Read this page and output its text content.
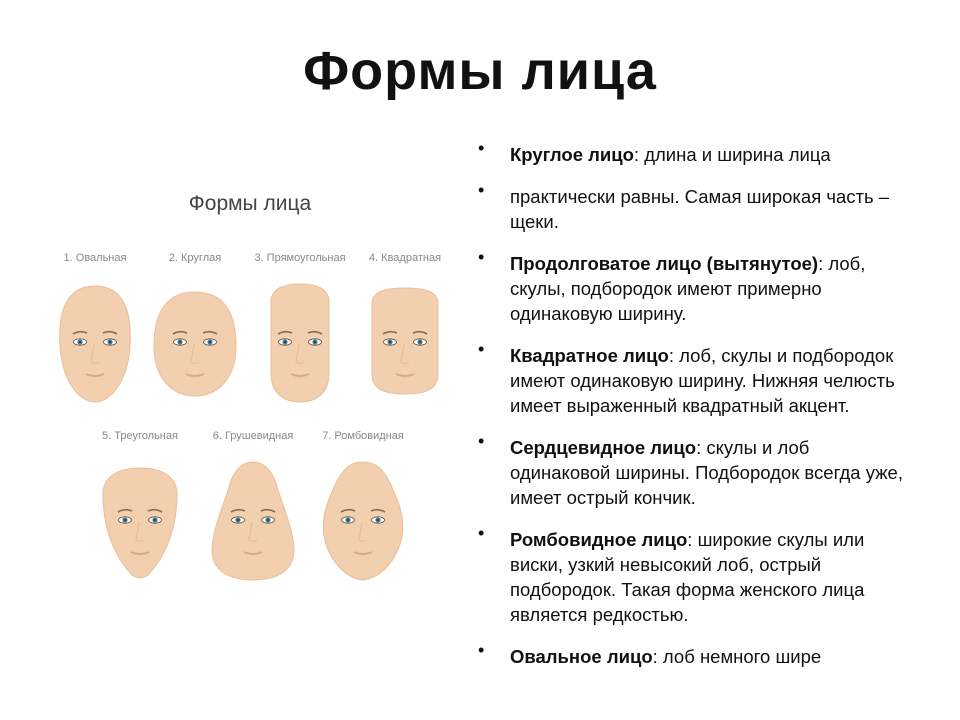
Формы лица
Формы лица
1. Овальная	2. Круглая	3. Прямоугольная	4. Квадратная
5. Треугольная	6. Грушевидная	7. Ромбовидная
• Круглое лицо: длина и ширина лица
• практически равны. Самая широкая часть – щеки.
• Продолговатое лицо (вытянутое): лоб, скулы, подбородок имеют примерно одинаковую ширину.
• Квадратное лицо: лоб, скулы и подбородок имеют одинаковую ширину. Нижняя челюсть имеет выраженный квадратный акцент.
• Сердцевидное лицо: скулы и лоб одинаковой ширины. Подбородок всегда уже, имеет острый кончик.
• Ромбовидное лицо: широкие скулы или виски, узкий невысокий лоб, острый подбородок. Такая форма женского лица является редкостью.
• Овальное лицо: лоб немного шире
